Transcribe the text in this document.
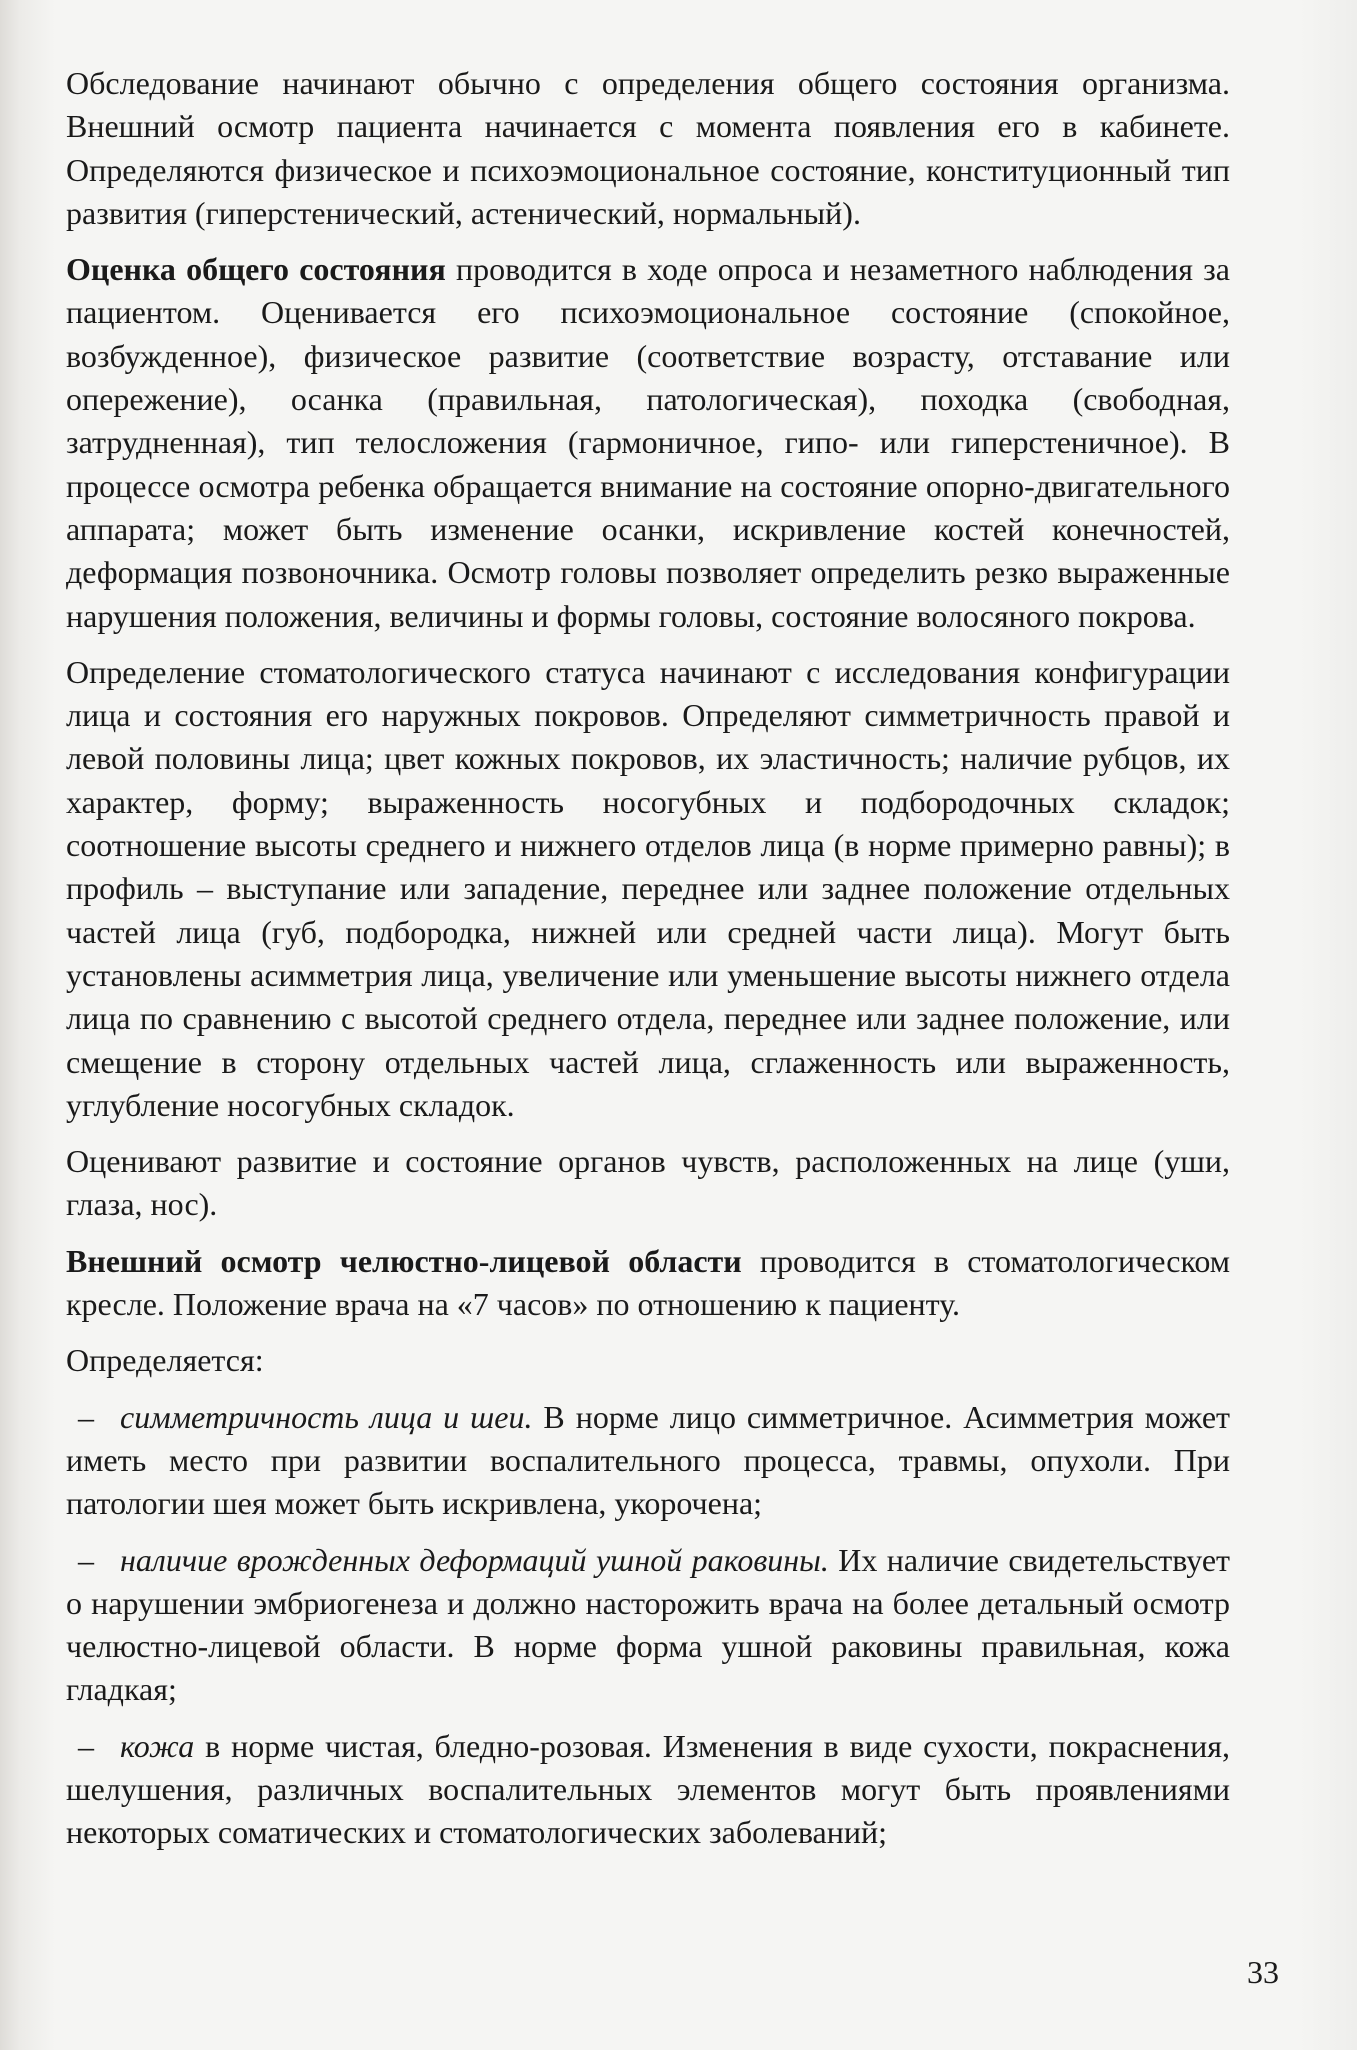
Обследование начинают обычно с определения общего состояния организма. Внешний осмотр пациента начинается с момента появления его в кабинете. Определяются физическое и психоэмоциональное состояние, конституционный тип развития (гиперстенический, астенический, нормальный).

Оценка общего состояния проводится в ходе опроса и незаметного наблюдения за пациентом. Оценивается его психоэмоциональное состояние (спокойное, возбужденное), физическое развитие (соответствие возрасту, отставание или опережение), осанка (правильная, патологическая), походка (свободная, затрудненная), тип телосложения (гармоничное, гипо- или гиперстеничное). В процессе осмотра ребенка обращается внимание на состояние опорно-двигательного аппарата; может быть изменение осанки, искривление костей конечностей, деформация позвоночника. Осмотр головы позволяет определить резко выраженные нарушения положения, величины и формы головы, состояние волосяного покрова.

Определение стоматологического статуса начинают с исследования конфигурации лица и состояния его наружных покровов. Определяют симметричность правой и левой половины лица; цвет кожных покровов, их эластичность; наличие рубцов, их характер, форму; выраженность носогубных и подбородочных складок; соотношение высоты среднего и нижнего отделов лица (в норме примерно равны); в профиль – выступание или западение, переднее или заднее положение отдельных частей лица (губ, подбородка, нижней или средней части лица). Могут быть установлены асимметрия лица, увеличение или уменьшение высоты нижнего отдела лица по сравнению с высотой среднего отдела, переднее или заднее положение, или смещение в сторону отдельных частей лица, сглаженность или выраженность, углубление носогубных складок.

Оценивают развитие и состояние органов чувств, расположенных на лице (уши, глаза, нос).

Внешний осмотр челюстно-лицевой области проводится в стоматологическом кресле. Положение врача на «7 часов» по отношению к пациенту.

Определяется:

– симметричность лица и шеи. В норме лицо симметричное. Асимметрия может иметь место при развитии воспалительного процесса, травмы, опухоли. При патологии шея может быть искривлена, укорочена;

– наличие врожденных деформаций ушной раковины. Их наличие свидетельствует о нарушении эмбриогенеза и должно насторожить врача на более детальный осмотр челюстно-лицевой области. В норме форма ушной раковины правильная, кожа гладкая;

– кожа в норме чистая, бледно-розовая. Изменения в виде сухости, покраснения, шелушения, различных воспалительных элементов могут быть проявлениями некоторых соматических и стоматологических заболеваний;

33
